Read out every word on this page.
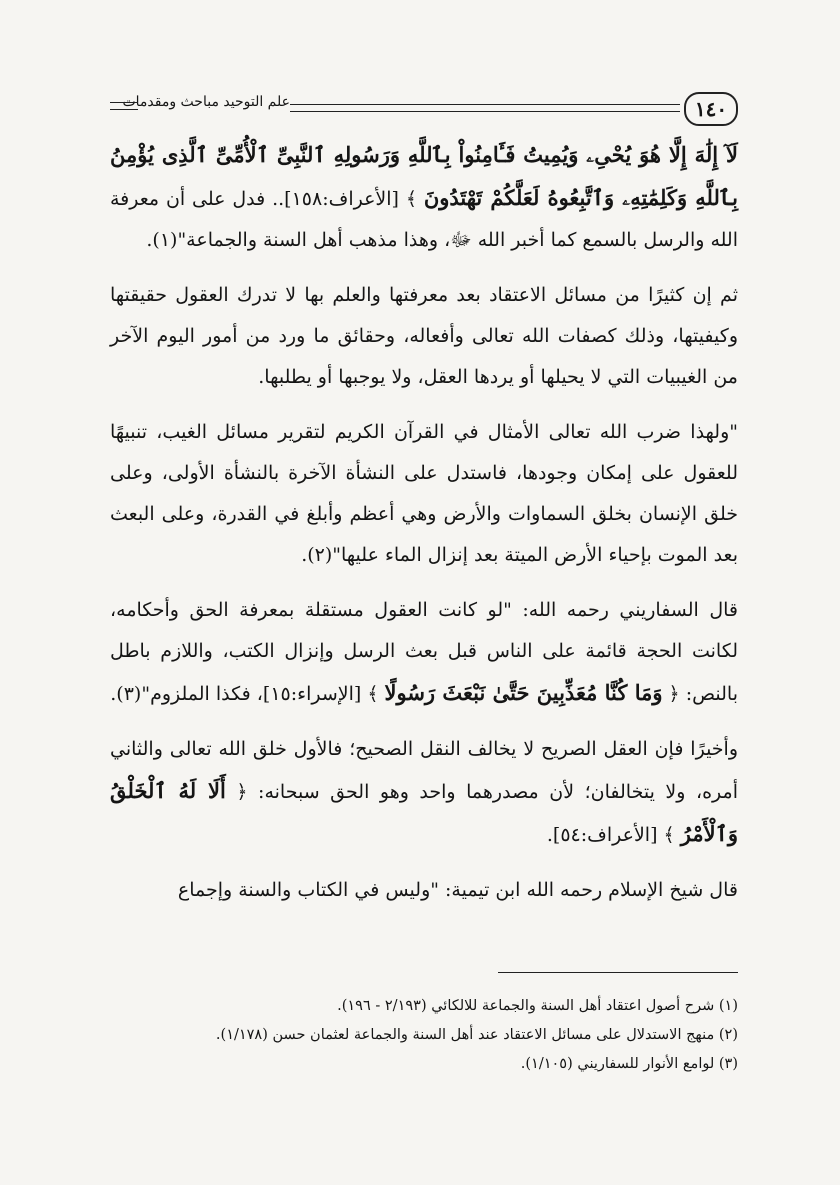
١٤٠
علم التوحيد مباحث ومقدمات

لَآ إِلَٰهَ إِلَّا هُوَ يُحْىِۦ وَيُمِيتُ فَـَٔامِنُواْ بِٱللَّهِ وَرَسُولِهِ ٱلنَّبِىِّ ٱلْأُمِّىِّ ٱلَّذِى يُؤْمِنُ بِٱللَّهِ وَكَلِمَٰتِهِۦ وَٱتَّبِعُوهُ لَعَلَّكُمْ تَهْتَدُونَ ﴾ [الأعراف:١٥٨].. فدل على أن معرفة الله والرسل بالسمع كما أخبر الله ﷻ، وهذا مذهب أهل السنة والجماعة"(١).

ثم إن كثيرًا من مسائل الاعتقاد بعد معرفتها والعلم بها لا تدرك العقول حقيقتها وكيفيتها، وذلك كصفات الله تعالى وأفعاله، وحقائق ما ورد من أمور اليوم الآخر من الغيبيات التي لا يحيلها أو يردها العقل، ولا يوجبها أو يطلبها.

"ولهذا ضرب الله تعالى الأمثال في القرآن الكريم لتقرير مسائل الغيب، تنبيهًا للعقول على إمكان وجودها، فاستدل على النشأة الآخرة بالنشأة الأولى، وعلى خلق الإنسان بخلق السماوات والأرض وهي أعظم وأبلغ في القدرة، وعلى البعث بعد الموت بإحياء الأرض الميتة بعد إنزال الماء عليها"(٢).

قال السفاريني رحمه الله: "لو كانت العقول مستقلة بمعرفة الحق وأحكامه، لكانت الحجة قائمة على الناس قبل بعث الرسل وإنزال الكتب، واللازم باطل بالنص: ﴿ وَمَا كُنَّا مُعَذِّبِينَ حَتَّىٰ نَبْعَثَ رَسُولًا ﴾ [الإسراء:١٥]، فكذا الملزوم"(٣).

وأخيرًا فإن العقل الصريح لا يخالف النقل الصحيح؛ فالأول خلق الله تعالى والثاني أمره، ولا يتخالفان؛ لأن مصدرهما واحد وهو الحق سبحانه: ﴿ أَلَا لَهُ ٱلْخَلْقُ وَٱلْأَمْرُ ﴾ [الأعراف:٥٤].

قال شيخ الإسلام رحمه الله ابن تيمية: "وليس في الكتاب والسنة وإجماع

(١) شرح أصول اعتقاد أهل السنة والجماعة للالكائي (٢/١٩٣ - ١٩٦).
(٢) منهج الاستدلال على مسائل الاعتقاد عند أهل السنة والجماعة لعثمان حسن (١/١٧٨).
(٣) لوامع الأنوار للسفاريني (١/١٠٥).
